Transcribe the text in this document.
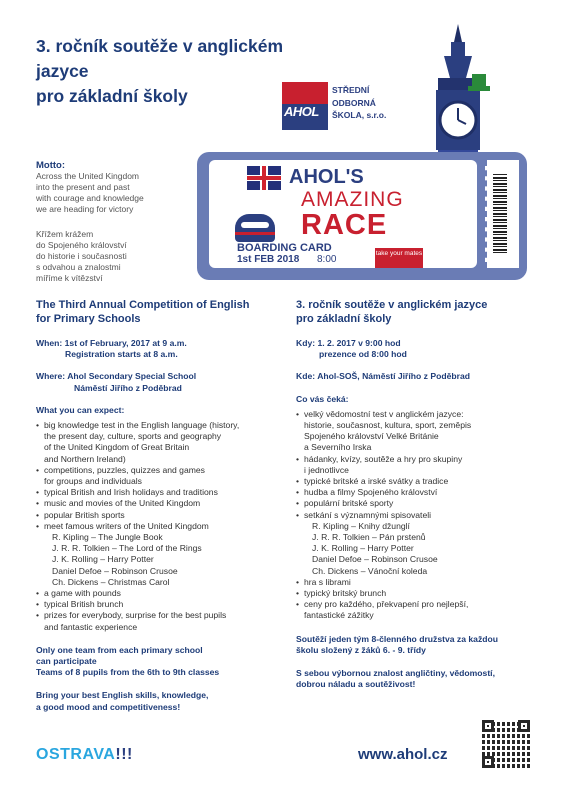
3. ročník soutěže v anglickém jazyce
pro základní školy
AHOL
STŘEDNÍ
ODBORNÁ
ŠKOLA, s.r.o.
Motto:
Across the United Kingdom
into the present and past
with courage and knowledge
we are heading for victory
Křížem krážem
do Spojeného království
do historie i současnosti
s odvahou a znalostmi
míříme k vítězství
AHOL'S
AMAZING
RACE
BOARDING CARD
1st FEB 2018 8:00
take your mates
The Third Annual Competition of English
for Primary Schools
When: 1st of February, 2017 at 9 a.m.
Registration starts at 8 a.m.
Where: Ahol Secondary Special School
Náměstí Jiřího z Poděbrad
What you can expect:
• big knowledge test in the English language (history,
the present day, culture, sports and geography
of the United Kingdom of Great Britain
and Northern Ireland)
• competitions, puzzles, quizzes and games
for groups and individuals
• typical British and Irish holidays and traditions
• music and movies of the United Kingdom
• popular British sports
• meet famous writers of the United Kingdom
R. Kipling – The Jungle Book
J. R. R. Tolkien – The Lord of the Rings
J. K. Rolling – Harry Potter
Daniel Defoe – Robinson Crusoe
Ch. Dickens – Christmas Carol
• a game with pounds
• typical British brunch
• prizes for everybody, surprise for the best pupils
and fantastic experience
Only one team from each primary school
can participate
Teams of 8 pupils from the 6th to 9th classes
Bring your best English skills, knowledge,
a good mood and competitiveness!
3. ročník soutěže v anglickém jazyce
pro základní školy
Kdy: 1. 2. 2017 v 9:00 hod
prezence od 8:00 hod
Kde: Ahol-SOŠ, Náměstí Jiřího z Poděbrad
Co vás čeká:
• velký vědomostní test v anglickém jazyce:
historie, současnost, kultura, sport, zeměpis
Spojeného království Velké Británie
a Severního Irska
• hádanky, kvízy, soutěže a hry pro skupiny
i jednotlivce
• typické britské a irské svátky a tradice
• hudba a filmy Spojeného království
• populární britské sporty
• setkání s významnými spisovateli
R. Kipling – Knihy džunglí
J. R. R. Tolkien – Pán prstenů
J. K. Rolling – Harry Potter
Daniel Defoe – Robinson Crusoe
Ch. Dickens – Vánoční koleda
• hra s librami
• typický britský brunch
• ceny pro každého, překvapení pro nejlepší,
fantastické zážitky
Soutěží jeden tým 8-členného družstva za každou
školu složený z žáků 6. - 9. třídy
S sebou výbornou znalost angličtiny, vědomostí,
dobrou náladu a soutěživost!
OSTRAVA!!!	www.ahol.cz
